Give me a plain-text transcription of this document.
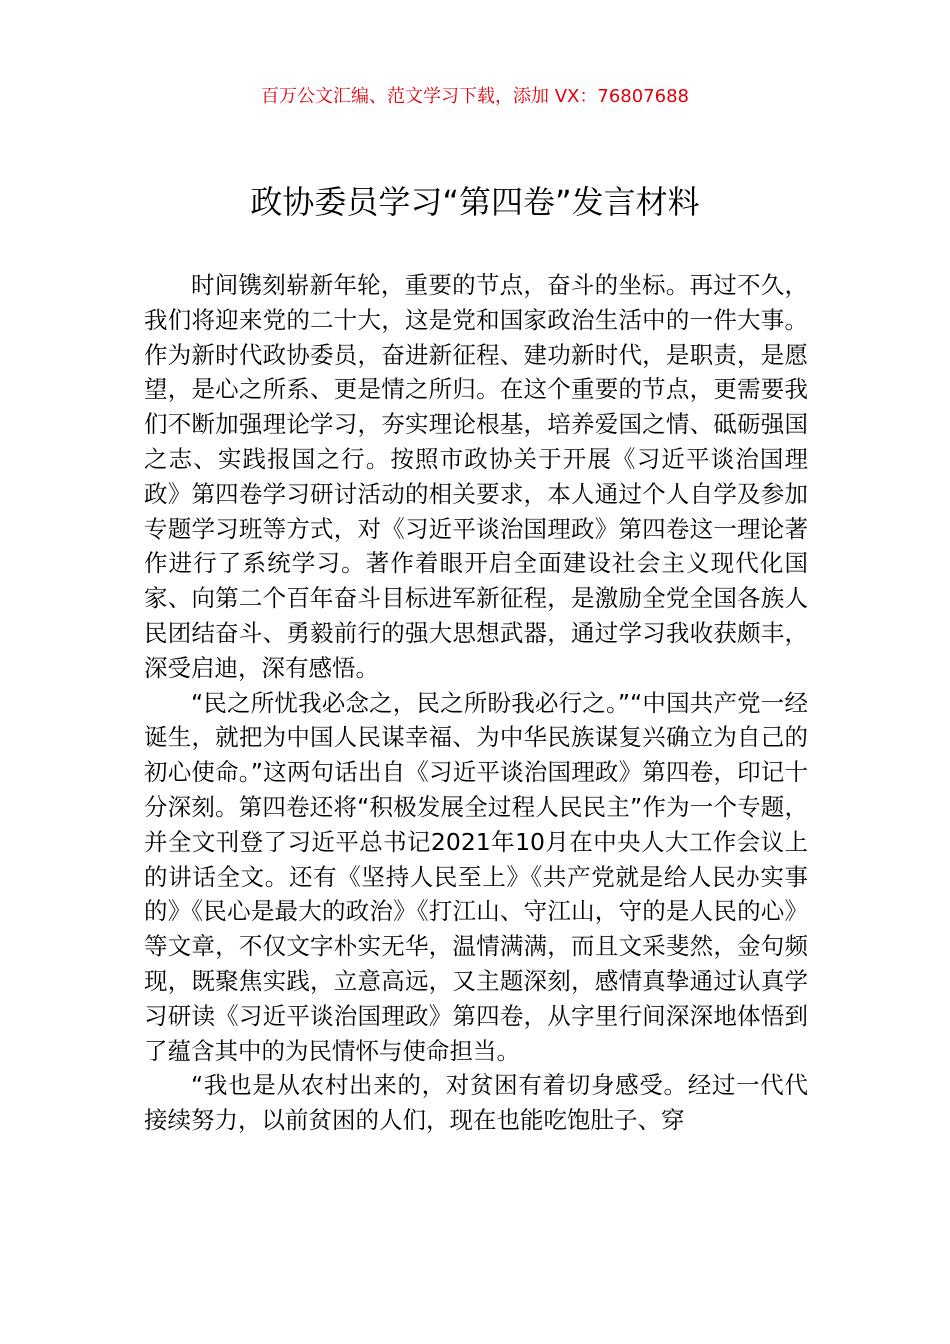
百万公文汇编、范文学习下载，添加 VX：76807688
政协委员学习“第四卷”发言材料

时间镌刻崭新年轮，重要的节点，奋斗的坐标。再过不久，我们将迎来党的二十大，这是党和国家政治生活中的一件大事。作为新时代政协委员，奋进新征程、建功新时代，是职责，是愿望，是心之所系、更是情之所归。在这个重要的节点，更需要我们不断加强理论学习，夯实理论根基，培养爱国之情、砥砺强国之志、实践报国之行。按照市政协关于开展《习近平谈治国理政》第四卷学习研讨活动的相关要求，本人通过个人自学及参加专题学习班等方式，对《习近平谈治国理政》第四卷这一理论著作进行了系统学习。著作着眼开启全面建设社会主义现代化国家、向第二个百年奋斗目标进军新征程，是激励全党全国各族人民团结奋斗、勇毅前行的强大思想武器，通过学习我收获颇丰，深受启迪，深有感悟。

“民之所忧我必念之，民之所盼我必行之。”“中国共产党一经诞生，就把为中国人民谋幸福、为中华民族谋复兴确立为自己的初心使命。”这两句话出自《习近平谈治国理政》第四卷，印记十分深刻。第四卷还将“积极发展全过程人民民主”作为一个专题，并全文刊登了习近平总书记2021年10月在中央人大工作会议上的讲话全文。还有《坚持人民至上》《共产党就是给人民办实事的》《民心是最大的政治》《打江山、守江山，守的是人民的心》等文章，不仅文字朴实无华，温情满满，而且文采斐然，金句频现，既聚焦实践，立意高远，又主题深刻，感情真挚通过认真学习研读《习近平谈治国理政》第四卷，从字里行间深深地体悟到了蕴含其中的为民情怀与使命担当。

“我也是从农村出来的，对贫困有着切身感受。经过一代代接续努力，以前贫困的人们，现在也能吃饱肚子、穿
